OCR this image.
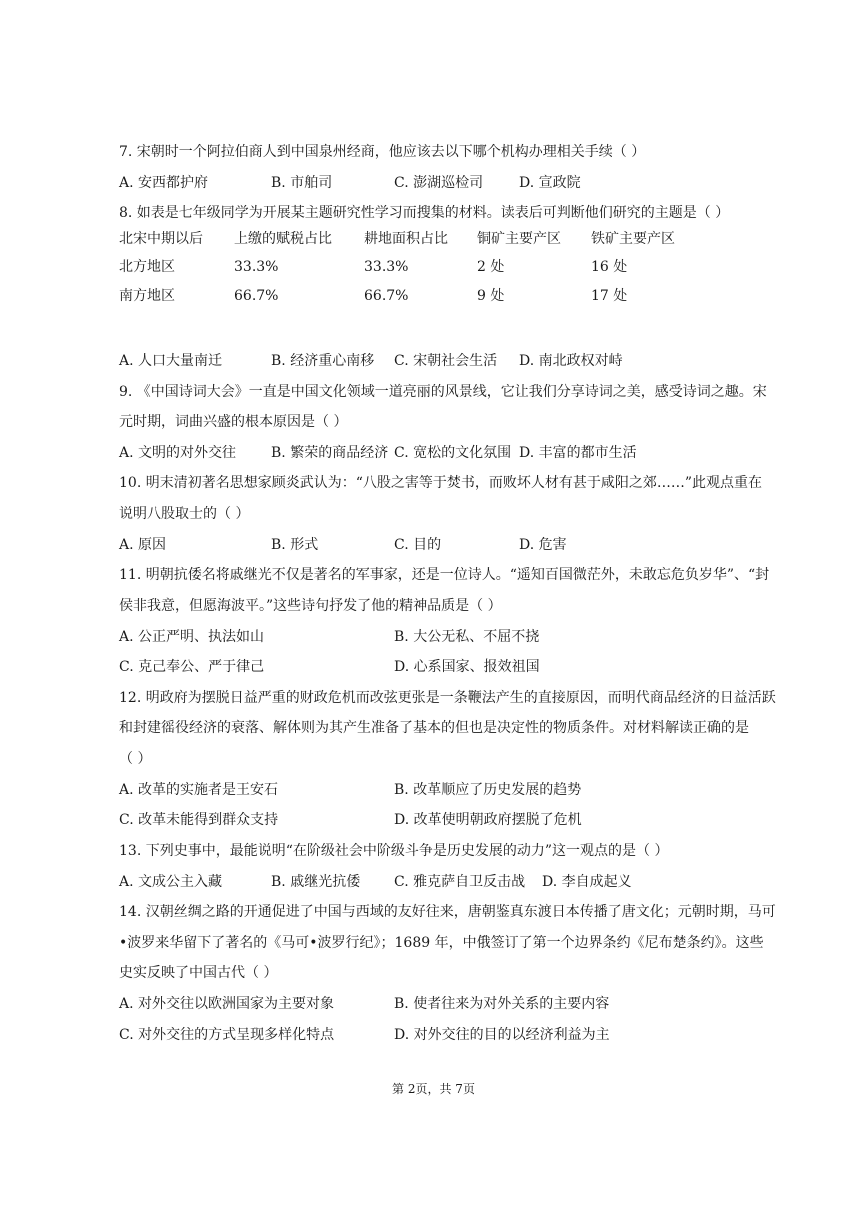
7. 宋朝时一个阿拉伯商人到中国泉州经商，他应该去以下哪个机构办理相关手续（ ）
A. 安西都护府	B. 市舶司	C. 澎湖巡检司	D. 宣政院
8. 如表是七年级同学为开展某主题研究性学习而搜集的材料。读表后可判断他们研究的主题是（ ）
北宋中期以后 上缴的赋税占比 耕地面积占比 铜矿主要产区 铁矿主要产区
北方地区	33.3%	33.3%	2 处	16 处
南方地区	66.7%	66.7%	9 处	17 处
A. 人口大量南迁	B. 经济重心南移 C. 宋朝社会生活 D. 南北政权对峙
9. 《中国诗词大会》一直是中国文化领域一道亮丽的风景线，它让我们分享诗词之美，感受诗词之趣。宋
元时期，词曲兴盛的根本原因是（ ）
A. 文明的对外交往 B. 繁荣的商品经济 C. 宽松的文化氛围 D. 丰富的都市生活
10. 明末清初著名思想家顾炎武认为：“八股之害等于焚书，而败坏人材有甚于咸阳之郊……”此观点重在
说明八股取士的（ ）
A. 原因	B. 形式	C. 目的	D. 危害
11. 明朝抗倭名将戚继光不仅是著名的军事家，还是一位诗人。“遥知百国微茫外，未敢忘危负岁华”、“封
侯非我意，但愿海波平。”这些诗句抒发了他的精神品质是（ ）
A. 公正严明、执法如山	B. 大公无私、不屈不挠
C. 克己奉公、严于律己	D. 心系国家、报效祖国
12. 明政府为摆脱日益严重的财政危机而改弦更张是一条鞭法产生的直接原因，而明代商品经济的日益活跃
和封建徭役经济的衰落、解体则为其产生准备了基本的但也是决定性的物质条件。对材料解读正确的是
（ ）
A. 改革的实施者是王安石	B. 改革顺应了历史发展的趋势
C. 改革未能得到群众支持	D. 改革使明朝政府摆脱了危机
13. 下列史事中，最能说明“在阶级社会中阶级斗争是历史发展的动力”这一观点的是（ ）
A. 文成公主入藏	B. 戚继光抗倭 C. 雅克萨自卫反击战 D. 李自成起义
14. 汉朝丝绸之路的开通促进了中国与西域的友好往来，唐朝鉴真东渡日本传播了唐文化；元朝时期，马可
•波罗来华留下了著名的《马可•波罗行纪》；1689 年，中俄签订了第一个边界条约《尼布楚条约》。这些
史实反映了中国古代（ ）
A. 对外交往以欧洲国家为主要对象	B. 使者往来为对外关系的主要内容
C. 对外交往的方式呈现多样化特点	D. 对外交往的目的以经济利益为主
第 2页，共 7页
